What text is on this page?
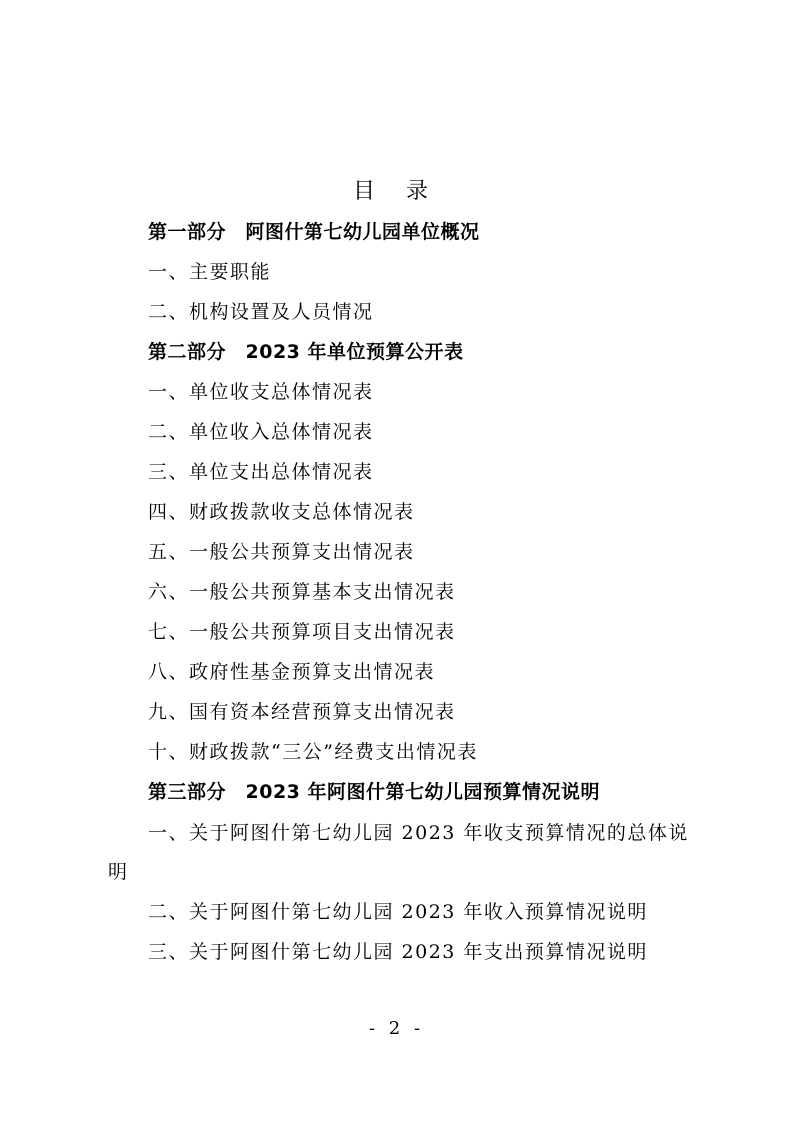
目 录
第一部分　阿图什第七幼儿园单位概况
一、主要职能
二、机构设置及人员情况
第二部分　2023 年单位预算公开表
一、单位收支总体情况表
二、单位收入总体情况表
三、单位支出总体情况表
四、财政拨款收支总体情况表
五、一般公共预算支出情况表
六、一般公共预算基本支出情况表
七、一般公共预算项目支出情况表
八、政府性基金预算支出情况表
九、国有资本经营预算支出情况表
十、财政拨款“三公”经费支出情况表
第三部分　2023 年阿图什第七幼儿园预算情况说明
一、关于阿图什第七幼儿园 2023 年收支预算情况的总体说明
二、关于阿图什第七幼儿园 2023 年收入预算情况说明
三、关于阿图什第七幼儿园 2023 年支出预算情况说明
- 2 -
